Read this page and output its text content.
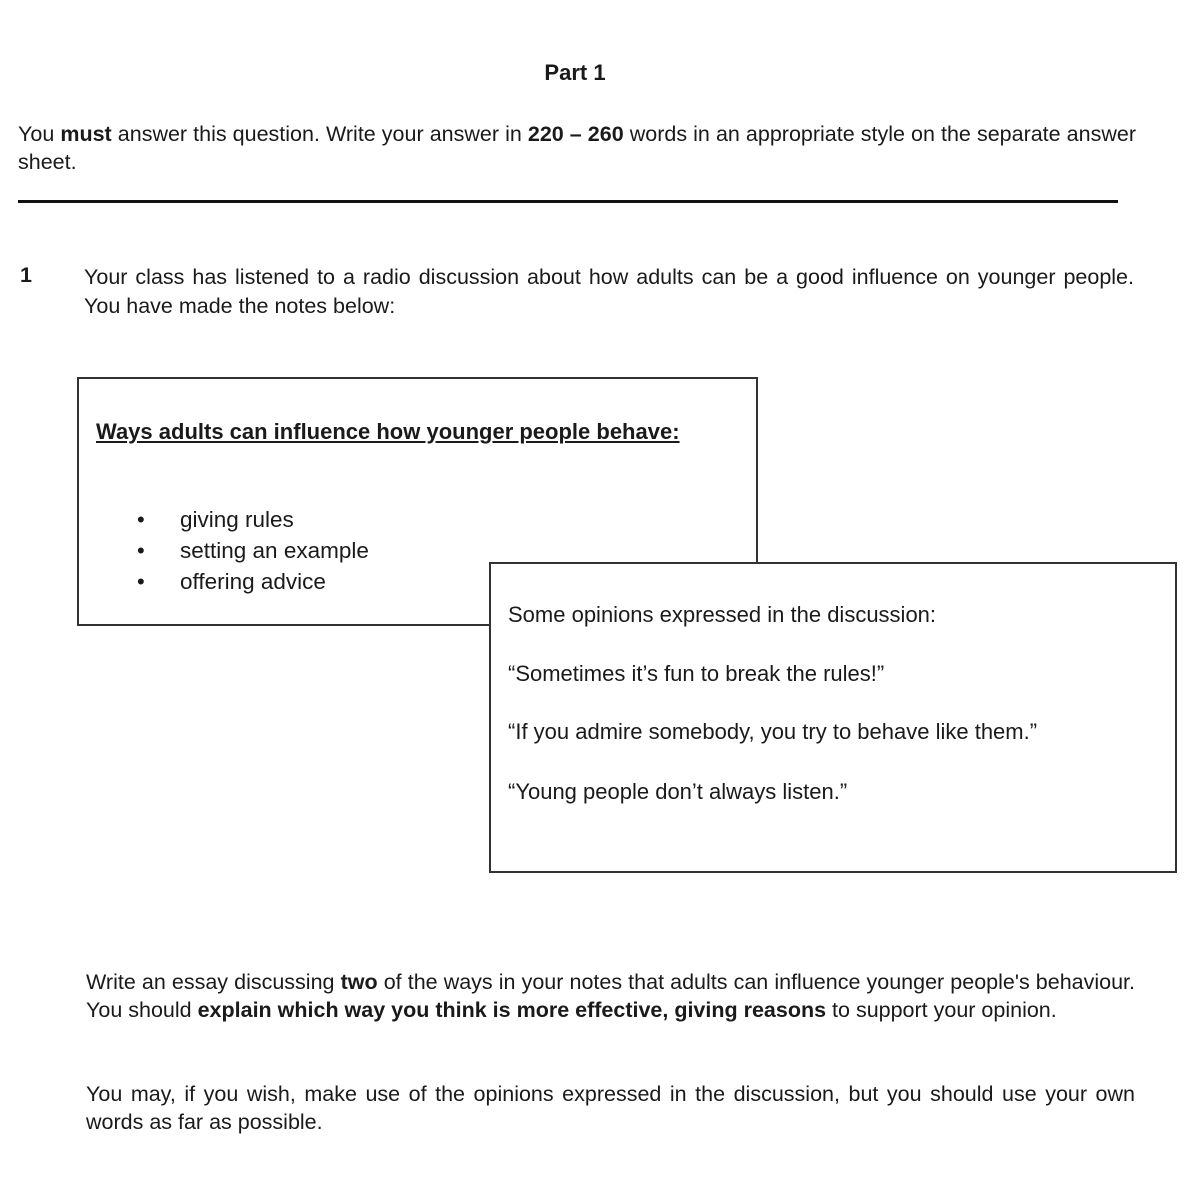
Part 1
You must answer this question. Write your answer in 220 – 260 words in an appropriate style on the separate answer sheet.
1 Your class has listened to a radio discussion about how adults can be a good influence on younger people. You have made the notes below:
Ways adults can influence how younger people behave:
• giving rules
• setting an example
• offering advice
Some opinions expressed in the discussion:
“Sometimes it’s fun to break the rules!”
“If you admire somebody, you try to behave like them.”
“Young people don’t always listen.”
Write an essay discussing two of the ways in your notes that adults can influence younger people's behaviour. You should explain which way you think is more effective, giving reasons to support your opinion.
You may, if you wish, make use of the opinions expressed in the discussion, but you should use your own words as far as possible.
